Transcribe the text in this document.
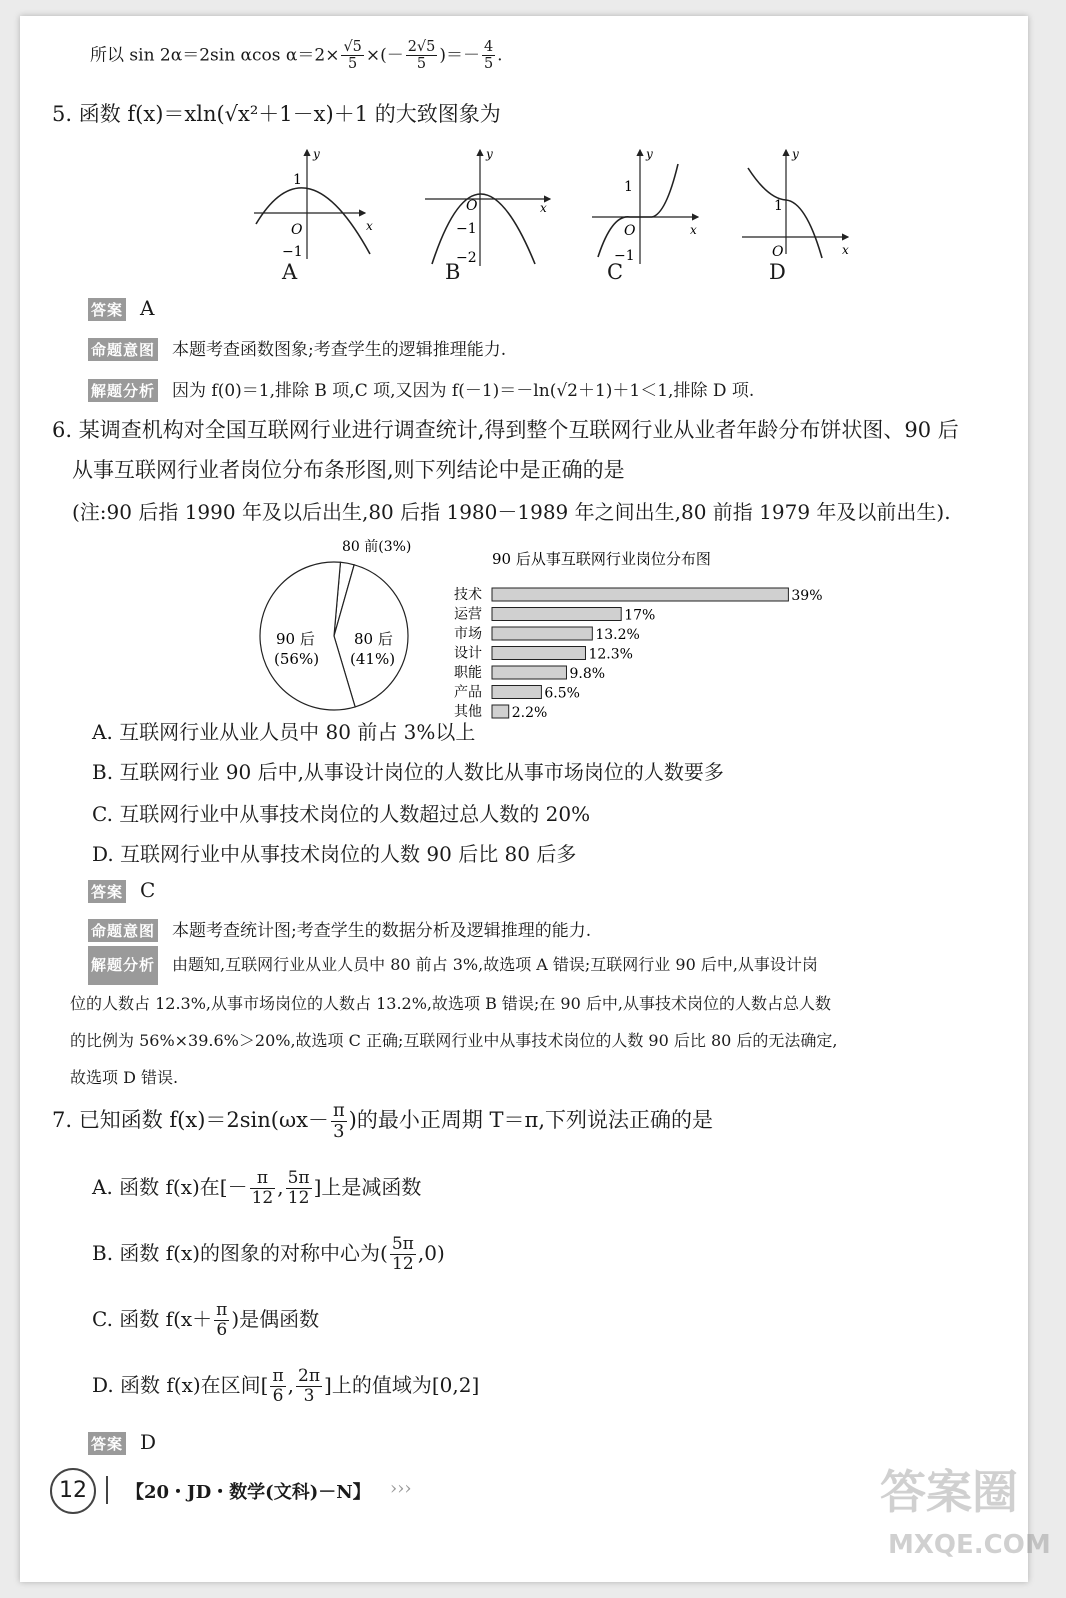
所以 sin 2α＝2sin αcos $\alpha=2\times \frac{√5}{5}$ ×(－ $\frac{2√5}{5}$ )＝－ $\frac{4}{5}$ .
5. 函数 f(x)＝xln(√x²＋1－x)＋1 的大致图象为
y
x
O
1
−1
y
x
O
−1
−2
y
x
O
1
−1
y
x
O
1
A	B	C	D
答案 A
命题意图 本题考查函数图象;考查学生的逻辑推理能力.
解题分析 因为 f(0)＝1,排除 B 项,C 项,又因为 f(－1)＝－ln(√2＋1)＋1＜1,排除 D 项.
6. 某调查机构对全国互联网行业进行调查统计,得到整个互联网行业从业者年龄分布饼状图、90 后
从事互联网行业者岗位分布条形图,则下列结论中是正确的是
(注:90 后指 1990 年及以后出生,80 后指 1980－1989 年之间出生,80 前指 1979 年及以前出生).
80 前(3%)
90 后
(56%)
80 后
(41%)
90 后从事互联网行业岗位分布图
技术	39%
运营	17%
市场	13.2%
设计	12.3%
职能	9.8%
产品	6.5%
其他 2.2%
A. 互联网行业从业人员中 80 前占 3%以上
B. 互联网行业 90 后中,从事设计岗位的人数比从事市场岗位的人数要多
C. 互联网行业中从事技术岗位的人数超过总人数的 20%
D. 互联网行业中从事技术岗位的人数 90 后比 80 后多
答案 C
命题意图 本题考查统计图;考查学生的数据分析及逻辑推理的能力.
解题分析 由题知,互联网行业从业人员中 80 前占 3%,故选项 A 错误;互联网行业 90 后中,从事设计岗
位的人数占 12.3%,从事市场岗位的人数占 13.2%,故选项 B 错误;在 90 后中,从事技术岗位的人数占总人数
的比例为 56%×39.6%＞20%,故选项 C 正确;互联网行业中从事技术岗位的人数 90 后比 80 后的无法确定,
故选项 D 错误.
7. 已知函数 $f(x)=2\sin(\omega x- \frac{\pi}{3}$ )的最小正周期 T＝π,下列说法正确的是
A. 函数 f(x)在[－ $\frac{\pi}{12}$ , $\frac{5\pi}{12}$ ]上是减函数
B. 函数 f(x)的图象的对称中心为( $\frac{5\pi}{12} ,0$)
C. 函数 $f(x+ \frac{\pi}{6}$ )是偶函数
D. 函数 f(x)在区间[ $\frac{\pi}{6}$ , $\frac{2\pi}{3}$ ]上的值域为[0,2]
答案 D
12	【20・JD・数学(文科)－N】 ›››	答案圈
MXQE.COM
